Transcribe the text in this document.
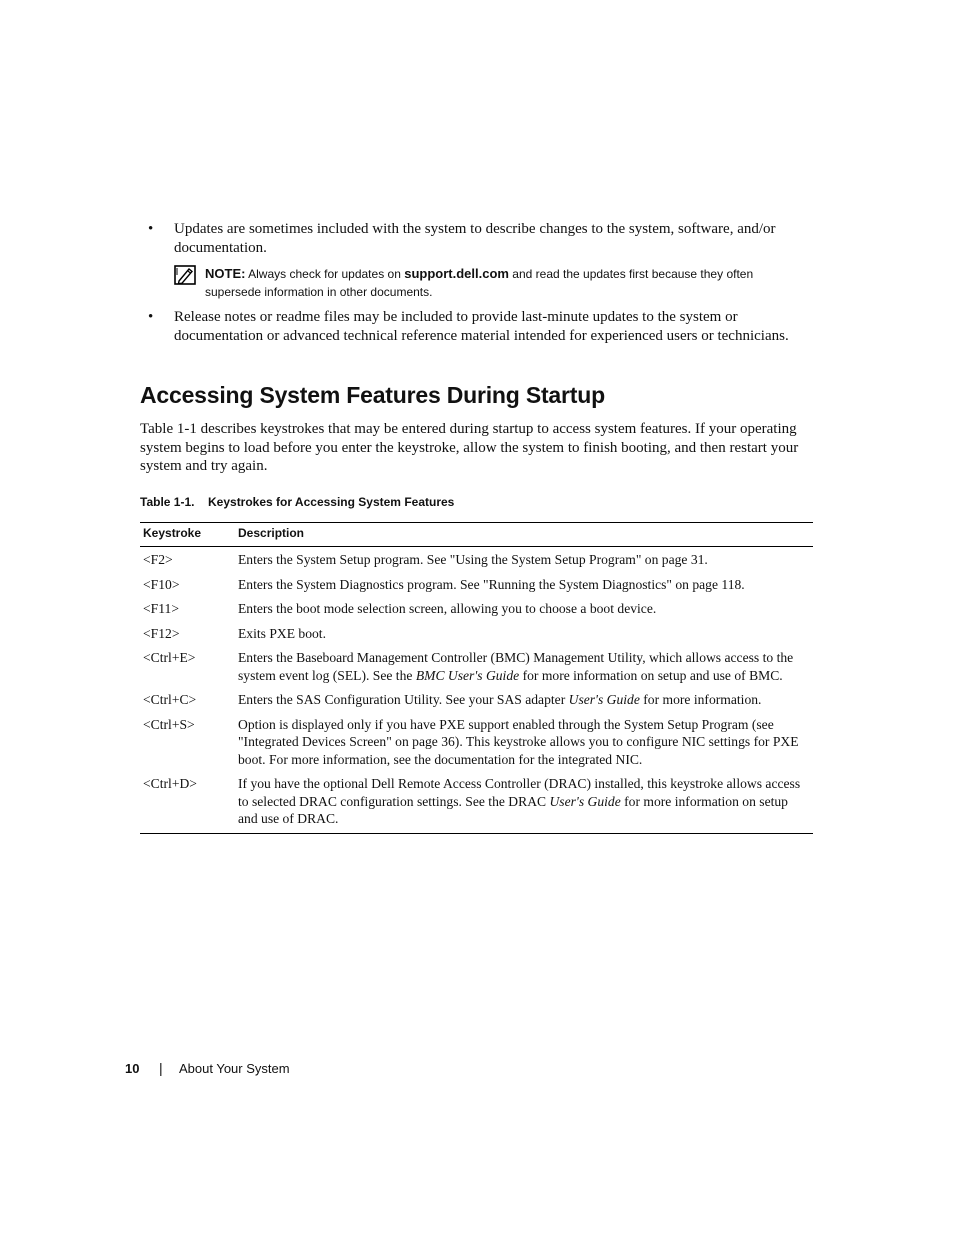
• Updates are sometimes included with the system to describe changes to the system, software, and/or documentation.
NOTE: Always check for updates on support.dell.com and read the updates first because they often supersede information in other documents.
• Release notes or readme files may be included to provide last-minute updates to the system or documentation or advanced technical reference material intended for experienced users or technicians.
Accessing System Features During Startup

Table 1-1 describes keystrokes that may be entered during startup to access system features. If your operating system begins to load before you enter the keystroke, allow the system to finish booting, and then restart your system and try again.

Table 1-1. Keystrokes for Accessing System Features
Keystroke	Description
<F2>	Enters the System Setup program. See "Using the System Setup Program" on page 31.
<F10>	Enters the System Diagnostics program. See "Running the System Diagnostics" on page 118.
<F11>	Enters the boot mode selection screen, allowing you to choose a boot device.
<F12>	Exits PXE boot.
<Ctrl+E>	Enters the Baseboard Management Controller (BMC) Management Utility, which allows access to the system event log (SEL). See the BMC User's Guide for more information on setup and use of BMC.
<Ctrl+C>	Enters the SAS Configuration Utility. See your SAS adapter User's Guide for more information.
<Ctrl+S>	Option is displayed only if you have PXE support enabled through the System Setup Program (see "Integrated Devices Screen" on page 36). This keystroke allows you to configure NIC settings for PXE boot. For more information, see the documentation for the integrated NIC.
<Ctrl+D>	If you have the optional Dell Remote Access Controller (DRAC) installed, this keystroke allows access to selected DRAC configuration settings. See the DRAC User's Guide for more information on setup and use of DRAC.
10 | About Your System
